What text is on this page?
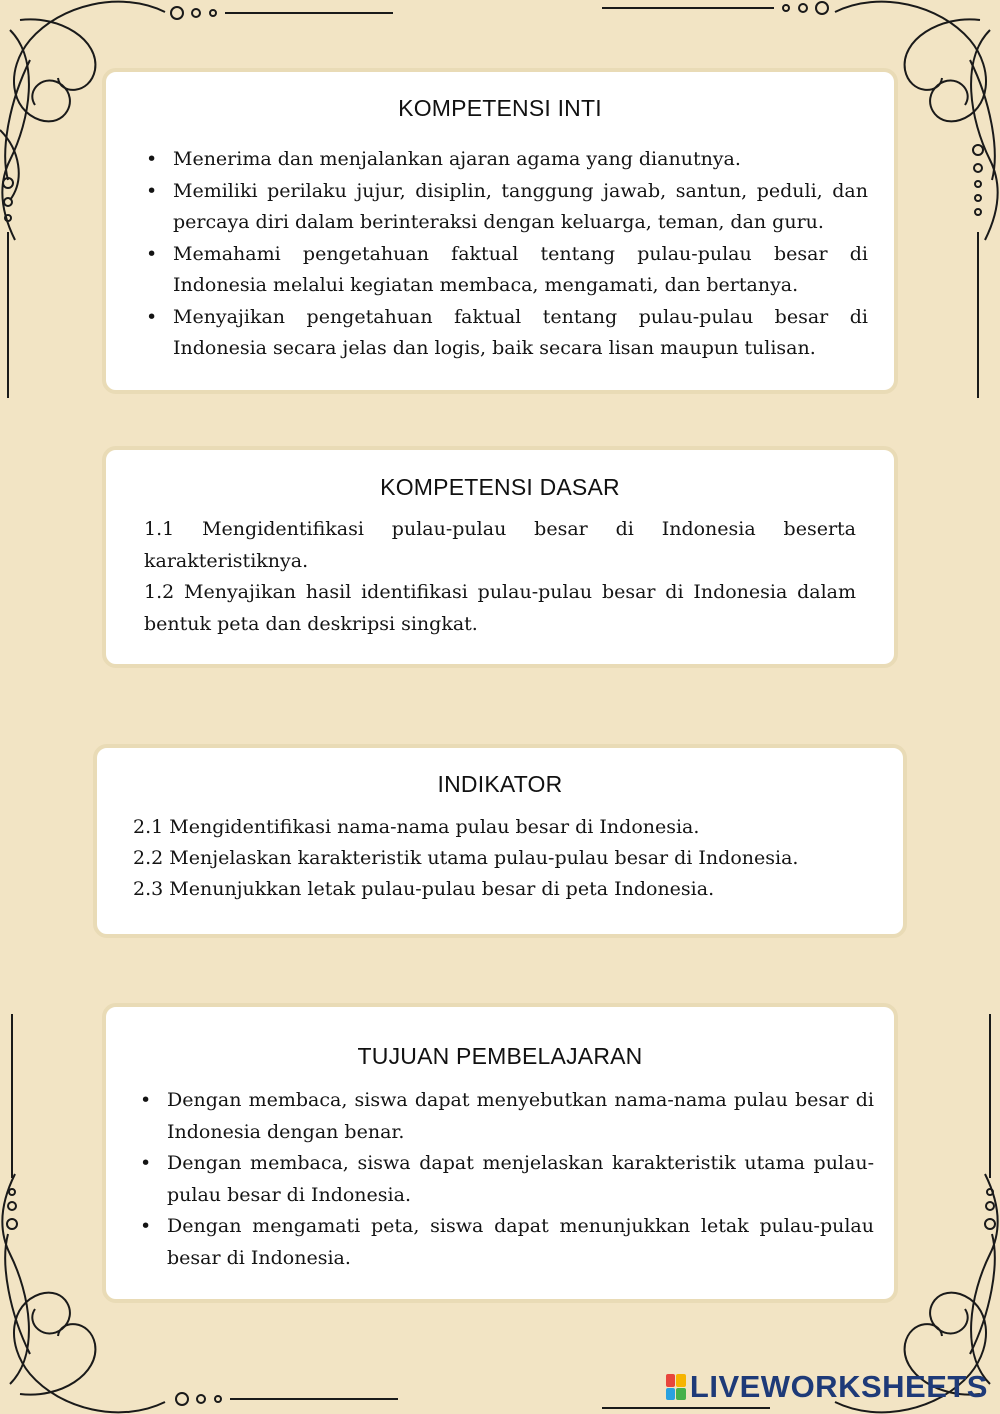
KOMPETENSI INTI
• Menerima dan menjalankan ajaran agama yang dianutnya.
• Memiliki perilaku jujur, disiplin, tanggung jawab, santun, peduli, dan percaya diri dalam berinteraksi dengan keluarga, teman, dan guru.
• Memahami pengetahuan faktual tentang pulau-pulau besar di Indonesia melalui kegiatan membaca, mengamati, dan bertanya.
• Menyajikan pengetahuan faktual tentang pulau-pulau besar di Indonesia secara jelas dan logis, baik secara lisan maupun tulisan.
KOMPETENSI DASAR
1.1 Mengidentifikasi pulau-pulau besar di Indonesia beserta karakteristiknya.
1.2 Menyajikan hasil identifikasi pulau-pulau besar di Indonesia dalam bentuk peta dan deskripsi singkat.
INDIKATOR
2.1 Mengidentifikasi nama-nama pulau besar di Indonesia.
2.2 Menjelaskan karakteristik utama pulau-pulau besar di Indonesia.
2.3 Menunjukkan letak pulau-pulau besar di peta Indonesia.
TUJUAN PEMBELAJARAN
• Dengan membaca, siswa dapat menyebutkan nama-nama pulau besar di Indonesia dengan benar.
• Dengan membaca, siswa dapat menjelaskan karakteristik utama pulau-pulau besar di Indonesia.
• Dengan mengamati peta, siswa dapat menunjukkan letak pulau-pulau besar di Indonesia.
LIVEWORKSHEETS
